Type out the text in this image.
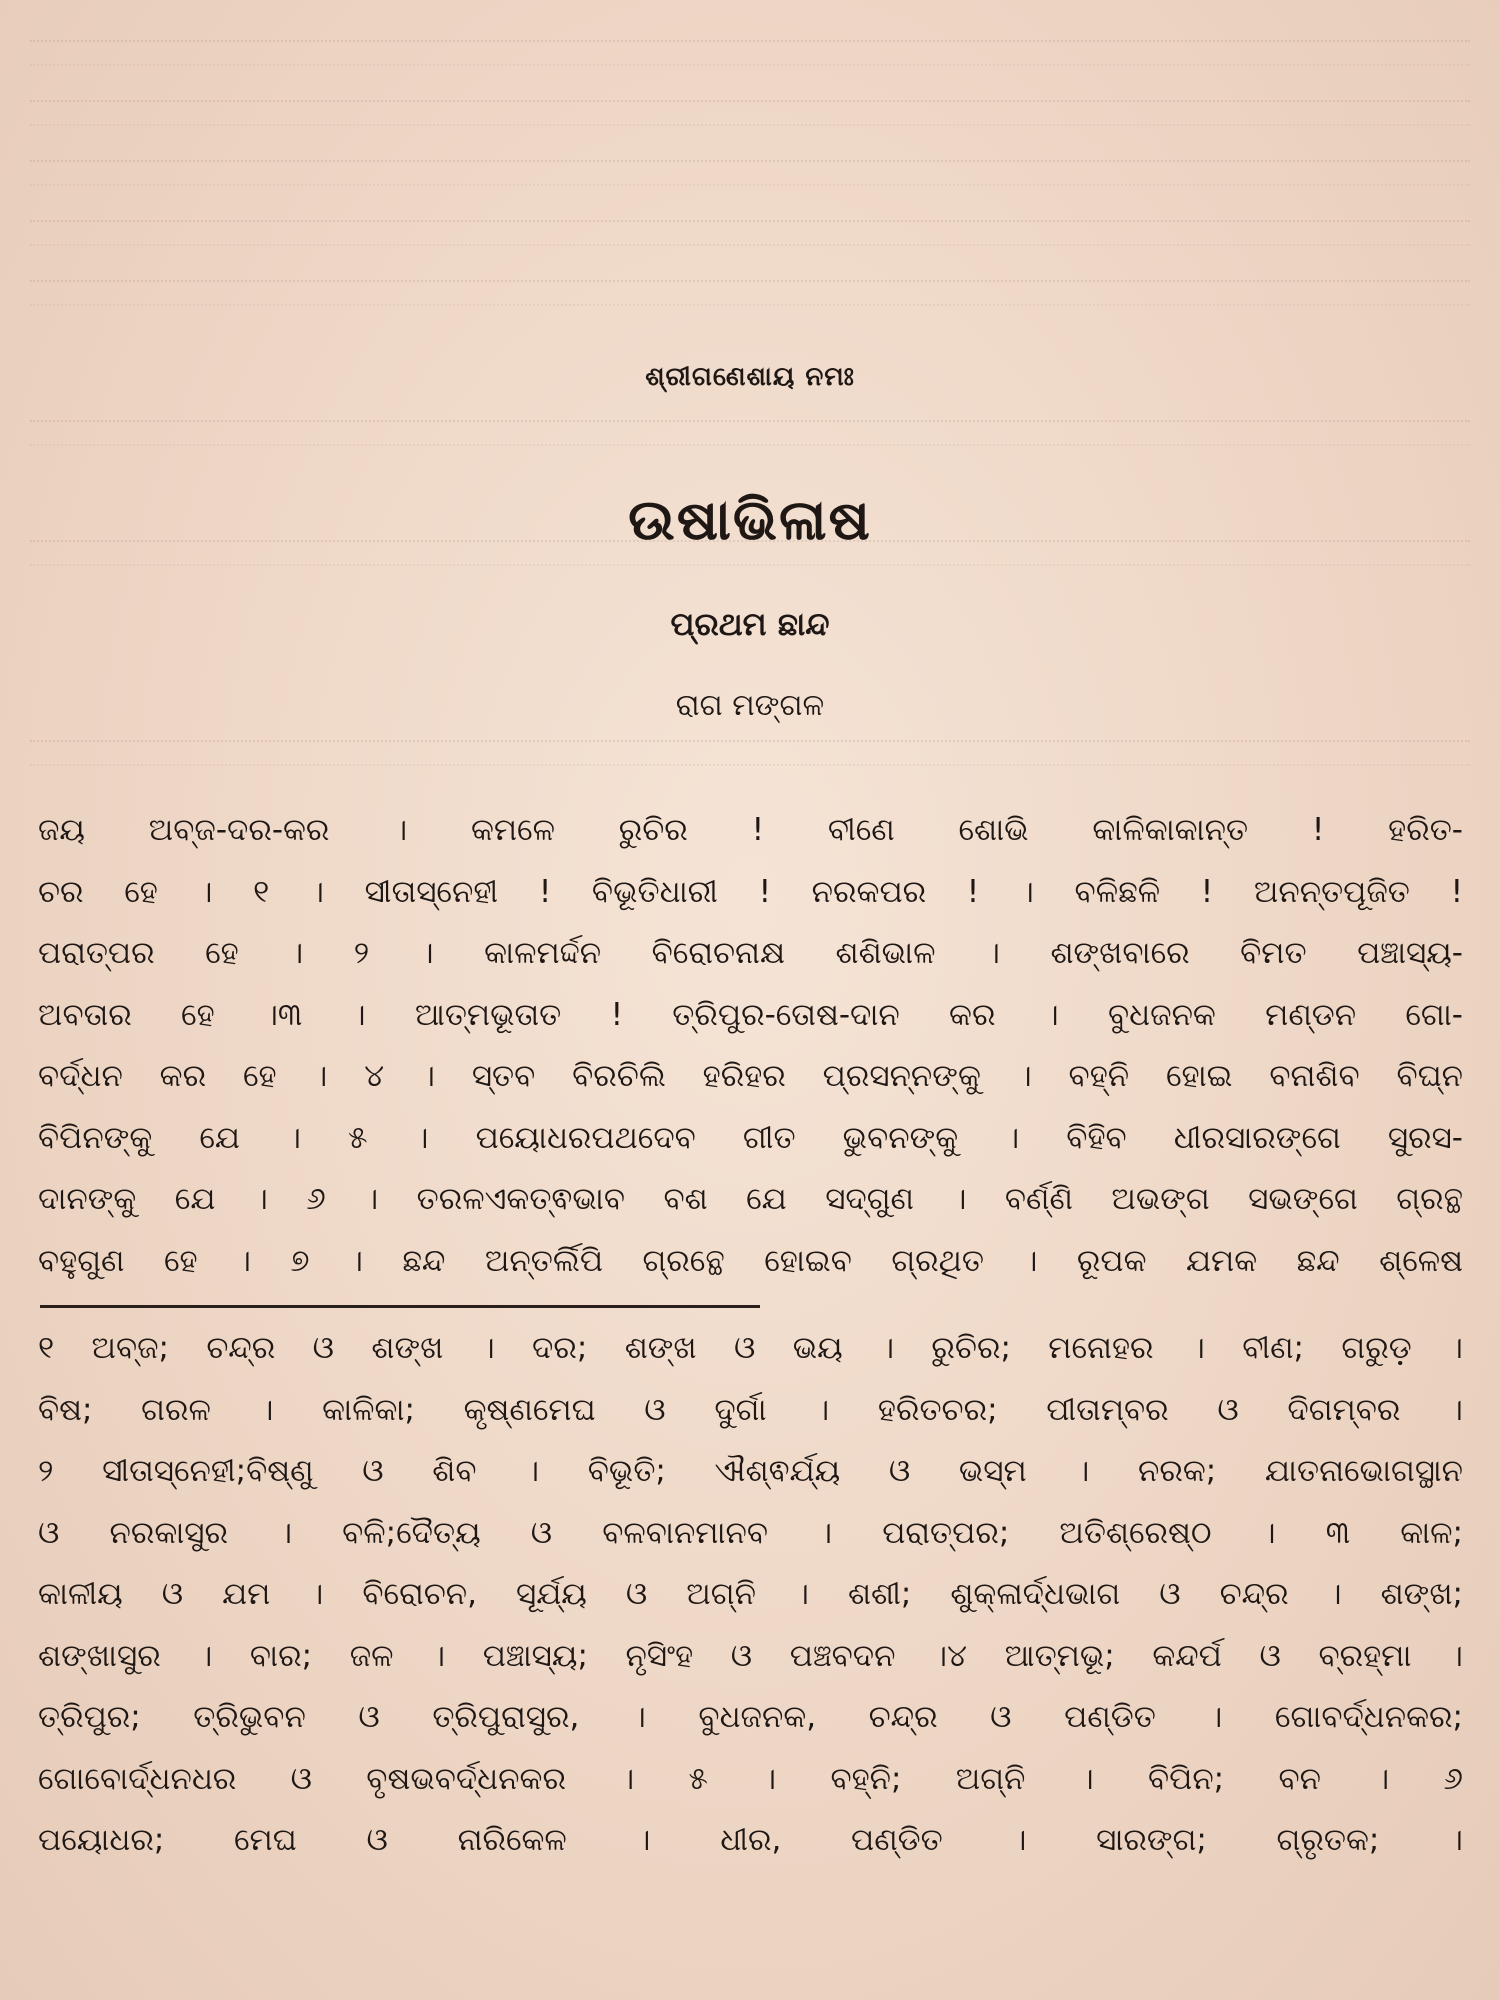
ଶ୍ରୀଗଣେଶାୟ ନମଃ
ଉଷାଭିଳାଷ
ପ୍ରଥମ ଛାନ୍ଦ
ରାଗ ମଙ୍ଗଳ
ଜୟ ଅବ୍ଜ-ଦର-କର । କମଳେ ରୁଚିର ! ବୀଣେ ଶୋଭି କାଳିକାକାନ୍ତ ! ହରିତ-
ଚର ହେ । ୧ । ସୀତାସ୍ନେହୀ ! ବିଭୂତିଧାରୀ ! ନରକପର ! । ବଳିଛଳି ! ଅନନ୍ତପୂଜିତ !
ପରାତ୍ପର ହେ । ୨ । କାଳମର୍ଦ୍ଦନ ବିରୋଚନାକ୍ଷ ଶଶିଭାଳ । ଶଙ୍ଖବାରେ ବିମତ ପଞ୍ଚାସ୍ୟ-
ଅବତାର ହେ ।୩ । ଆତ୍ମଭୂତାତ ! ତ୍ରିପୁର-ତୋଷ-ଦାନ କର । ବୁଧଜନକ ମଣ୍ଡନ ଗୋ-
ବର୍ଦ୍ଧନ କର ହେ । ୪ । ସ୍ତବ ବିରଚିଲି ହରିହର ପ୍ରସନ୍ନଙ୍କୁ । ବହ୍ନି ହୋଇ ବନାଶିବ ବିଘ୍ନ
ବିପିନଙ୍କୁ ଯେ । ୫ । ପୟୋଧରପଥଦେବ ଗୀତ ଭୁବନଙ୍କୁ । ବିହିବ ଧୀରସାରଙ୍ଗେ ସୁରସ-
ଦାନଙ୍କୁ ଯେ । ୬ । ତରଳଏକତ୍ଵଭାବ ବଶ ଯେ ସଦ୍ଗୁଣ । ବର୍ଣ୍ଣି ଅଭଙ୍ଗ ସଭଙ୍ଗେ ଗ୍ରନ୍ଥ
ବହୁଗୁଣ ହେ । ୭ । ଛନ୍ଦ ଅନ୍ତର୍ଲିପି ଗ୍ରନ୍ଥେ ହୋଇବ ଗ୍ରଥିତ । ରୂପକ ଯମକ ଛନ୍ଦ ଶ୍ଳେଷ
୧ ଅବ୍ଜ; ଚନ୍ଦ୍ର ଓ ଶଙ୍ଖ । ଦର; ଶଙ୍ଖ ଓ ଭୟ । ରୁଚିର; ମନୋହର । ବୀଣ; ଗରୁଡ଼ ।
ବିଷ; ଗରଳ । କାଳିକା; କୃଷ୍ଣମେଘ ଓ ଦୁର୍ଗା । ହରିତଚର; ପୀତାମ୍ବର ଓ ଦିଗମ୍ବର ।
୨ ସୀତାସ୍ନେହୀ;ବିଷ୍ଣୁ ଓ ଶିବ । ବିଭୂତି; ଐଶ୍ଵର୍ଯ୍ୟ ଓ ଭସ୍ମ । ନରକ; ଯାତନାଭୋଗସ୍ଥାନ
ଓ ନରକାସୁର । ବଳି;ଦୈତ୍ୟ ଓ ବଳବାନମାନବ । ପରାତ୍ପର; ଅତିଶ୍ରେଷ୍ଠ । ୩ କାଳ;
କାଳୀୟ ଓ ଯମ । ବିରୋଚନ, ସୂର୍ଯ୍ୟ ଓ ଅଗ୍ନି । ଶଶୀ; ଶୁକ୍ଳାର୍ଦ୍ଧଭାଗ ଓ ଚନ୍ଦ୍ର । ଶଙ୍ଖ;
ଶଙ୍ଖାସୁର । ବାର; ଜଳ । ପଞ୍ଚାସ୍ୟ; ନୃସିଂହ ଓ ପଞ୍ଚବଦନ ।୪ ଆତ୍ମଭୂ; କନ୍ଦର୍ପ ଓ ବ୍ରହ୍ମା ।
ତ୍ରିପୁର; ତ୍ରିଭୁବନ ଓ ତ୍ରିପୁରାସୁର, । ବୁଧଜନକ, ଚନ୍ଦ୍ର ଓ ପଣ୍ଡିତ । ଗୋବର୍ଦ୍ଧନକର;
ଗୋବୋର୍ଦ୍ଧନଧର ଓ ବୃଷଭବର୍ଦ୍ଧନକର । ୫ । ବହ୍ନି; ଅଗ୍ନି । ବିପିନ; ବନ । ୬
ପୟୋଧର; ମେଘ ଓ ନାରିକେଳ । ଧୀର, ପଣ୍ଡିତ । ସାରଙ୍ଗ; ଗ୍ରୃତକ; ।
